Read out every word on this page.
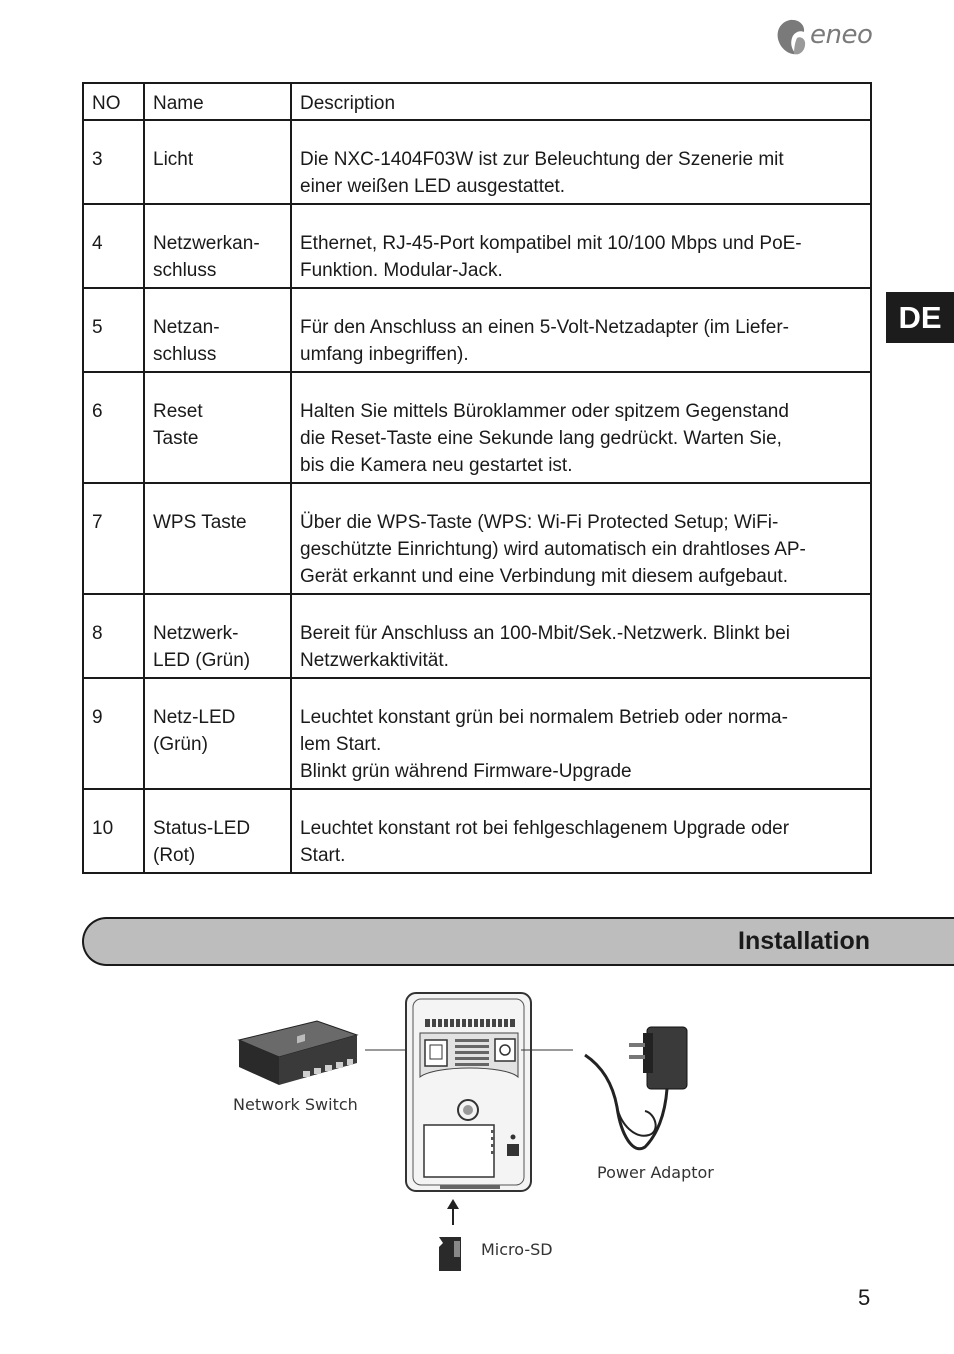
eneo
NO	Name	Description
3	Licht	Die NXC-1404F03W ist zur Beleuchtung der Szenerie mit
einer weißen LED ausgestattet.
4	Netzwerkan-
schluss	Ethernet, RJ-45-Port kompatibel mit 10/100 Mbps und PoE-
Funktion. Modular-Jack.
5	Netzan-
schluss	Für den Anschluss an einen 5-Volt-Netzadapter (im Liefer-
umfang inbegriffen).
6	Reset
Taste	Halten Sie mittels Büroklammer oder spitzem Gegenstand
die Reset-Taste eine Sekunde lang gedrückt. Warten Sie,
bis die Kamera neu gestartet ist.
7	WPS Taste	Über die WPS-Taste (WPS: Wi-Fi Protected Setup; WiFi-
geschützte Einrichtung) wird automatisch ein drahtloses AP-
Gerät erkannt und eine Verbindung mit diesem aufgebaut.
8	Netzwerk-
LED (Grün)	Bereit für Anschluss an 100-Mbit/Sek.-Netzwerk. Blinkt bei
Netzwerkaktivität.
9	Netz-LED
(Grün)	Leuchtet konstant grün bei normalem Betrieb oder norma-
lem Start.
Blinkt grün während Firmware-Upgrade

10	Status-LED
(Rot)	Leuchtet konstant rot bei fehlgeschlagenem Upgrade oder
Start.
DE
Installation
Network Switch
Power Adaptor
Micro-SD
5
